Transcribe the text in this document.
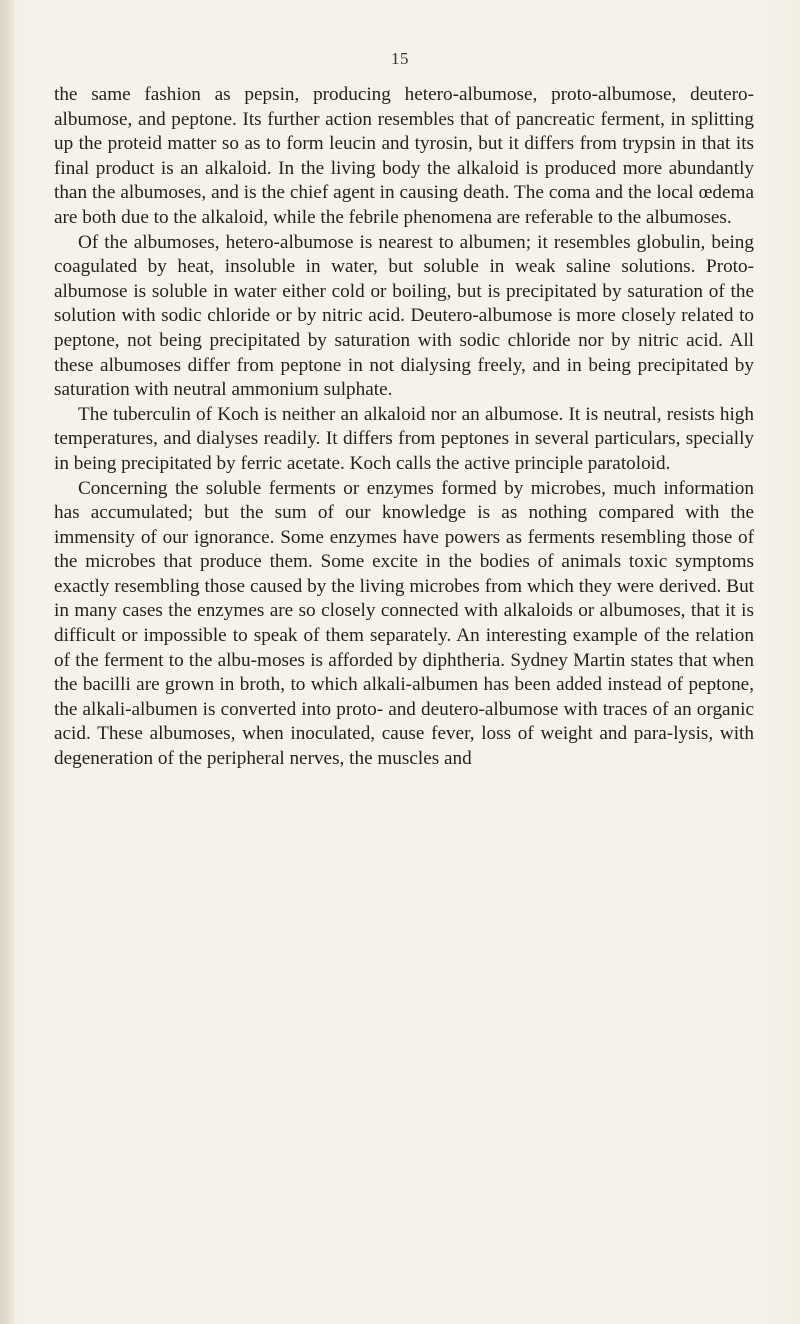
15

the same fashion as pepsin, producing hetero-albumose, proto-albumose, deutero-albumose, and peptone. Its further action resembles that of pancreatic ferment, in splitting up the proteid matter so as to form leucin and tyrosin, but it differs from trypsin in that its final product is an alkaloid. In the living body the alkaloid is produced more abundantly than the albumoses, and is the chief agent in causing death. The coma and the local œdema are both due to the alkaloid, while the febrile phenomena are referable to the albumoses.

Of the albumoses, hetero-albumose is nearest to albumen; it resembles globulin, being coagulated by heat, insoluble in water, but soluble in weak saline solutions. Proto-albumose is soluble in water either cold or boiling, but is precipitated by saturation of the solution with sodic chloride or by nitric acid. Deutero-albumose is more closely related to peptone, not being precipitated by saturation with sodic chloride nor by nitric acid. All these albumoses differ from peptone in not dialysing freely, and in being precipitated by saturation with neutral ammonium sulphate.

The tuberculin of Koch is neither an alkaloid nor an albumose. It is neutral, resists high temperatures, and dialyses readily. It differs from peptones in several particulars, specially in being precipitated by ferric acetate. Koch calls the active principle paratoloid.

Concerning the soluble ferments or enzymes formed by microbes, much information has accumulated; but the sum of our knowledge is as nothing compared with the immensity of our ignorance. Some enzymes have powers as ferments resembling those of the microbes that produce them. Some excite in the bodies of animals toxic symptoms exactly resembling those caused by the living microbes from which they were derived. But in many cases the enzymes are so closely connected with alkaloids or albumoses, that it is difficult or impossible to speak of them separately. An interesting example of the relation of the ferment to the albu-moses is afforded by diphtheria. Sydney Martin states that when the bacilli are grown in broth, to which alkali-albumen has been added instead of peptone, the alkali-albumen is converted into proto- and deutero-albumose with traces of an organic acid. These albumoses, when inoculated, cause fever, loss of weight and para-lysis, with degeneration of the peripheral nerves, the muscles and
